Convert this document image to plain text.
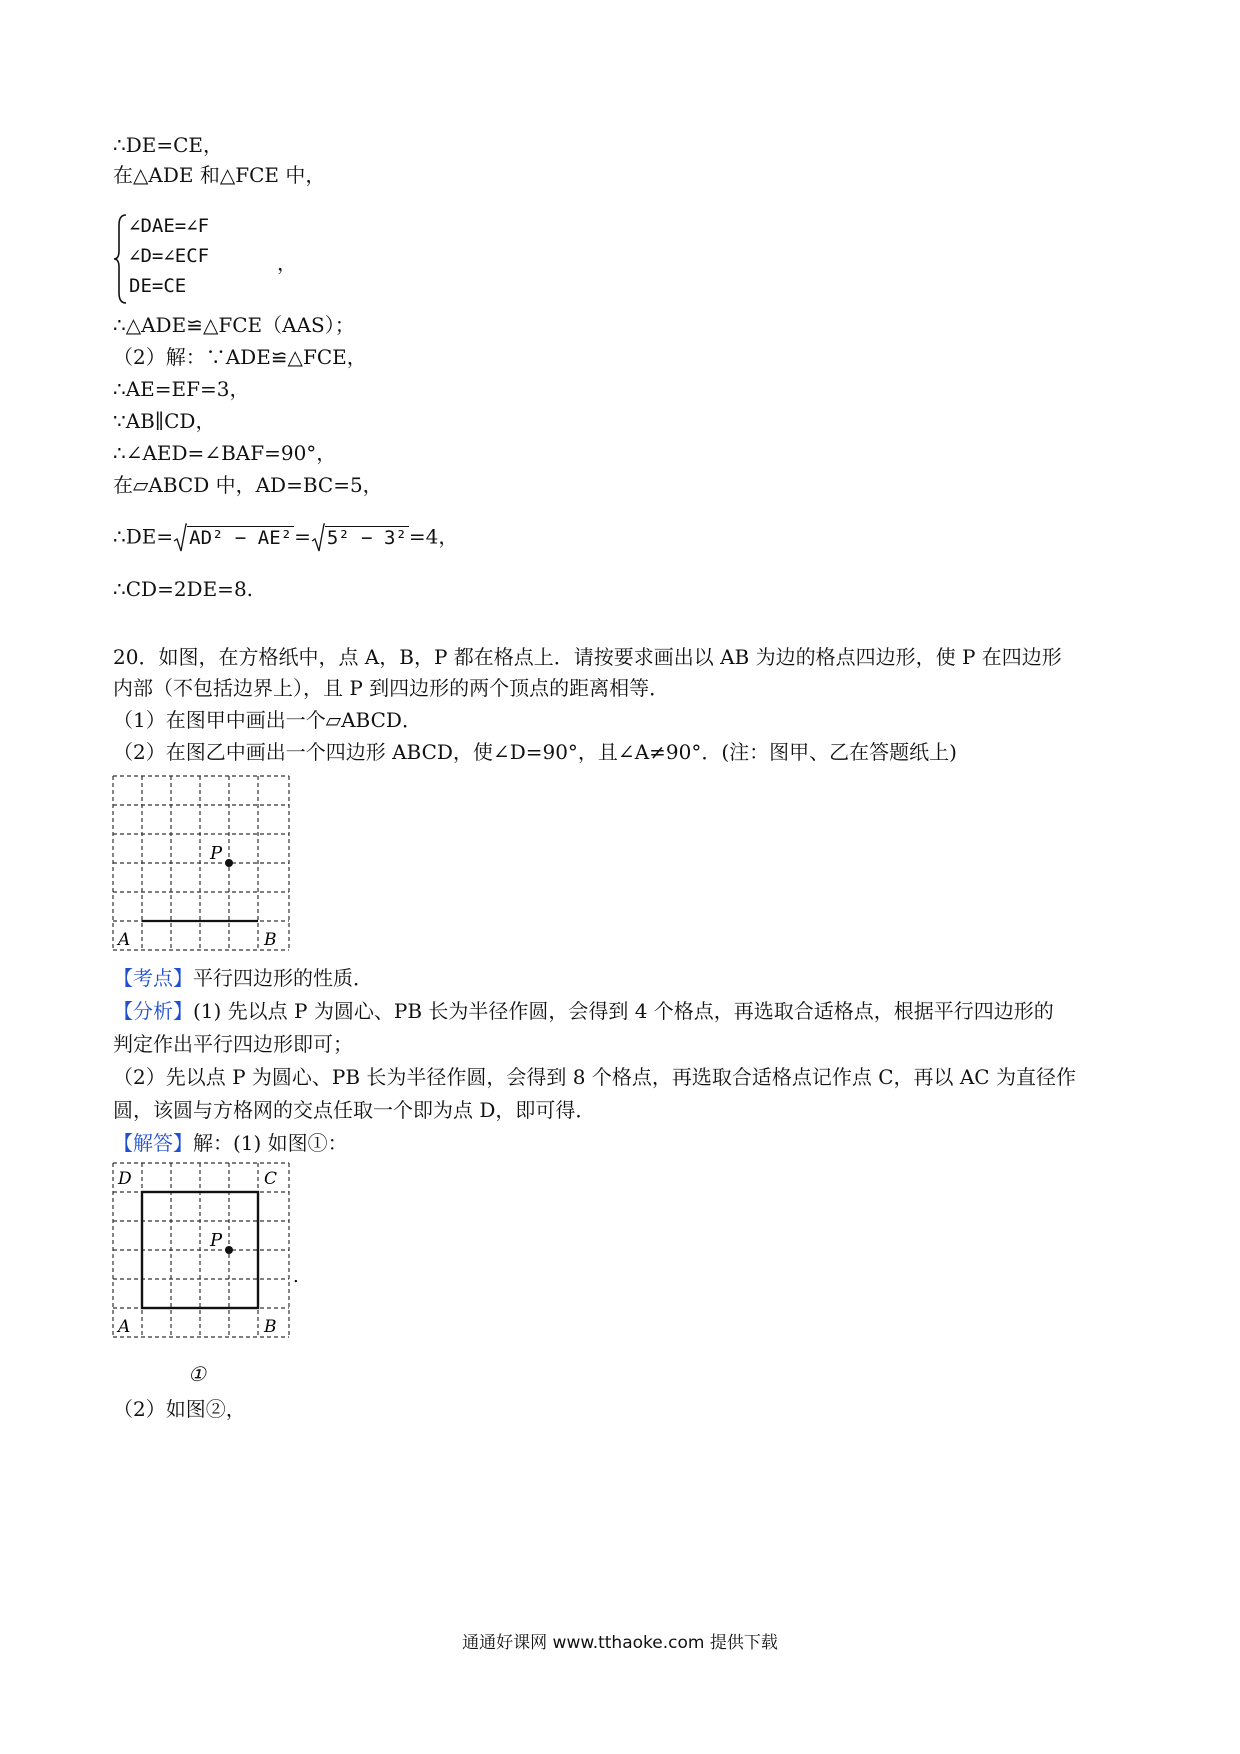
∴DE=CE，
在△ADE 和△FCE 中，
∠DAE=∠F
∠D=∠ECF
DE=CE
，
∴△ADE≌△FCE（AAS）；
（2）解：∵ADE≌△FCE，
∴AE=EF=3，
∵AB∥CD，
∴∠AED=∠BAF=90°，
在▱ABCD 中，AD=BC=5，
∴DE= AD² − AE² = 5² − 3² =4，
∴CD=2DE=8.
20．如图，在方格纸中，点 A，B，P 都在格点上．请按要求画出以 AB 为边的格点四边形，使 P 在四边形
内部（不包括边界上），且 P 到四边形的两个顶点的距离相等．
（1）在图甲中画出一个▱ABCD．
（2）在图乙中画出一个四边形 ABCD，使∠D=90°，且∠A≠90°．(注：图甲、乙在答题纸上)
P
A	B
【考点】平行四边形的性质．
【分析】(1) 先以点 P 为圆心、PB 长为半径作圆，会得到 4 个格点，再选取合适格点，根据平行四边形的
判定作出平行四边形即可；
（2）先以点 P 为圆心、PB 长为半径作圆，会得到 8 个格点，再选取合适格点记作点 C，再以 AC 为直径作
圆，该圆与方格网的交点任取一个即为点 D，即可得．
【解答】解：(1) 如图①：
P
A	B
C
D
.
①
（2）如图②，
通通好课网 www.tthaoke.com 提供下载
